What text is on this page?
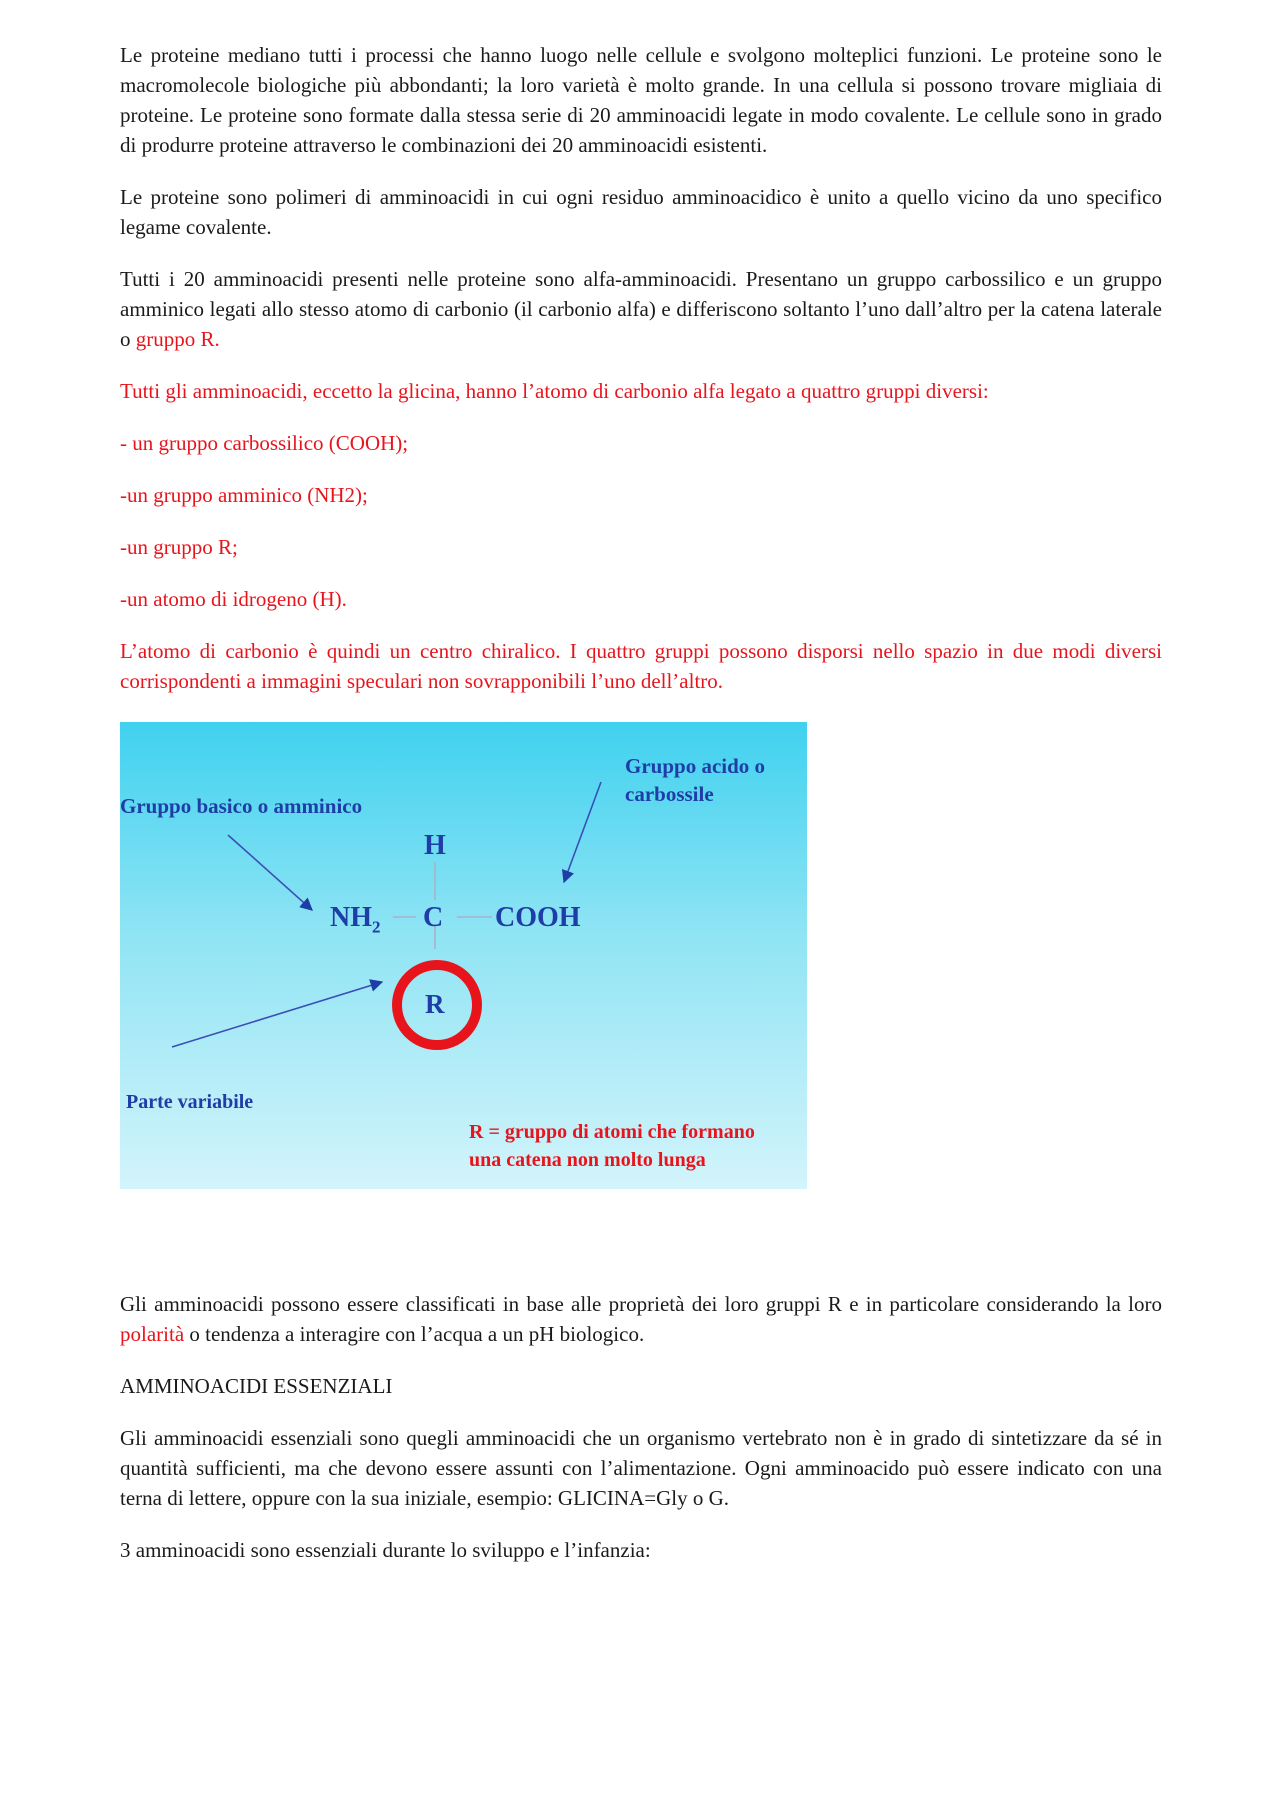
Le proteine mediano tutti i processi che hanno luogo nelle cellule e svolgono molteplici funzioni. Le proteine sono le macromolecole biologiche più abbondanti; la loro varietà è molto grande. In una cellula si possono trovare migliaia di proteine. Le proteine sono formate dalla stessa serie di 20 amminoacidi legate in modo covalente. Le cellule sono in grado di produrre proteine attraverso le combinazioni dei 20 amminoacidi esistenti.

Le proteine sono polimeri di amminoacidi in cui ogni residuo amminoacidico è unito a quello vicino da uno specifico legame covalente.

Tutti i 20 amminoacidi presenti nelle proteine sono alfa-amminoacidi. Presentano un gruppo carbossilico e un gruppo amminico legati allo stesso atomo di carbonio (il carbonio alfa) e differiscono soltanto l’uno dall’altro per la catena laterale o gruppo R.

Tutti gli amminoacidi, eccetto la glicina, hanno l’atomo di carbonio alfa legato a quattro gruppi diversi:

- un gruppo carbossilico (COOH);

-un gruppo amminico (NH2);

-un gruppo R;

-un atomo di idrogeno (H).

L’atomo di carbonio è quindi un centro chiralico. I quattro gruppi possono disporsi nello spazio in due modi diversi corrispondenti a immagini speculari non sovrapponibili l’uno dell’altro.

Gruppo basico o amminico
Gruppo acido o
carbossile
H
$NH_2$ C COOH
R
Parte variabile
R = gruppo di atomi che formano
una catena non molto lunga

Gli amminoacidi possono essere classificati in base alle proprietà dei loro gruppi R e in particolare considerando la loro polarità o tendenza a interagire con l’acqua a un pH biologico.

AMMINOACIDI ESSENZIALI

Gli amminoacidi essenziali sono quegli amminoacidi che un organismo vertebrato non è in grado di sintetizzare da sé in quantità sufficienti, ma che devono essere assunti con l’alimentazione. Ogni amminoacido può essere indicato con una terna di lettere, oppure con la sua iniziale, esempio: GLICINA=Gly o G.

3 amminoacidi sono essenziali durante lo sviluppo e l’infanzia:
